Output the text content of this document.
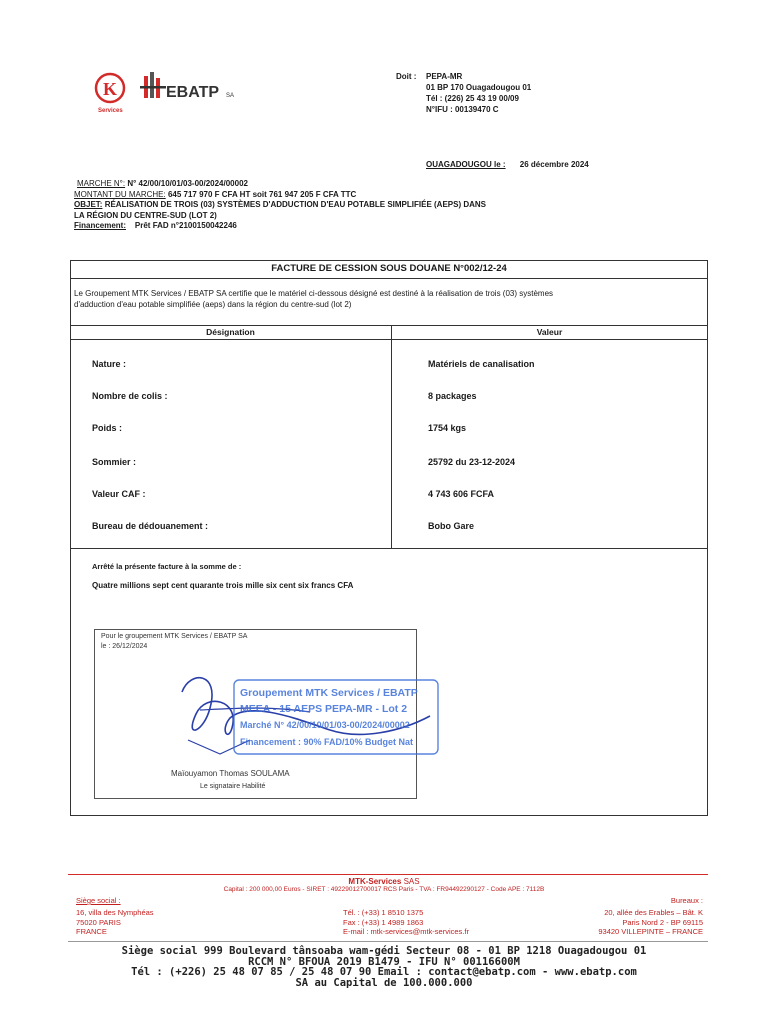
K
Services
EBATP SA
Doit :	PEPA-MR
01 BP 170 Ouagadougou 01
Tél : (226) 25 43 19 00/09
N°IFU : 00139470 C
OUAGADOUGOU le : 26 décembre 2024
MARCHE N°: N° 42/00/10/01/03-00/2024/00002
MONTANT DU MARCHE: 645 717 970 F CFA HT soit 761 947 205 F CFA TTC
OBJET: RÉALISATION DE TROIS (03) SYSTÈMES D'ADDUCTION D'EAU POTABLE SIMPLIFIÉE (AEPS) DANS
LA RÉGION DU CENTRE-SUD (LOT 2)
Financement: Prêt FAD n°2100150042246
FACTURE DE CESSION SOUS DOUANE N°002/12-24
Le Groupement MTK Services / EBATP SA certifie que le matériel ci-dessous désigné est destiné à la réalisation de trois (03) systèmes
d'adduction d'eau potable simplifiée (aeps) dans la région du centre-sud (lot 2)
Désignation	Valeur
Nature :	Matériels de canalisation
Nombre de colis :	8 packages
Poids :	1754 kgs
Sommier :	25792 du 23-12-2024
Valeur CAF :	4 743 606 FCFA
Bureau de dédouanement :	Bobo Gare
Arrêté la présente facture à la somme de :
Quatre millions sept cent quarante trois mille six cent six francs CFA
Pour le groupement MTK Services / EBATP SA
le : 26/12/2024
Groupement MTK Services / EBATP
MEEA - 15 AEPS PEPA-MR - Lot 2
Marché N° 42/00/10/01/03-00/2024/00002
Financement : 90% FAD/10% Budget Nat
Maïouyamon Thomas SOULAMA
Le signataire Habilité
MTK-Services SAS
Capital : 200 000,00 Euros - SIRET : 49229012700017 RCS Paris - TVA : FR94492290127 - Code APE : 7112B
Siège social :
16, villa des Nymphéas
75020 PARIS
FRANCE
Tél. : (+33) 1 8510 1375
Fax : (+33) 1 4989 1863
E-mail : mtk-services@mtk-services.fr
Bureaux :
20, allée des Erables – Bât. K
Paris Nord 2 - BP 69115
93420 VILLEPINTE – FRANCE
Siège social 999 Boulevard tânsoaba wam-gédi Secteur 08 - 01 BP 1218 Ouagadougou 01
RCCM N° BFOUA 2019 B1479 - IFU N° 00116600M
Tél : (+226) 25 48 07 85 / 25 48 07 90 Email : contact@ebatp.com - www.ebatp.com
SA au Capital de 100.000.000
